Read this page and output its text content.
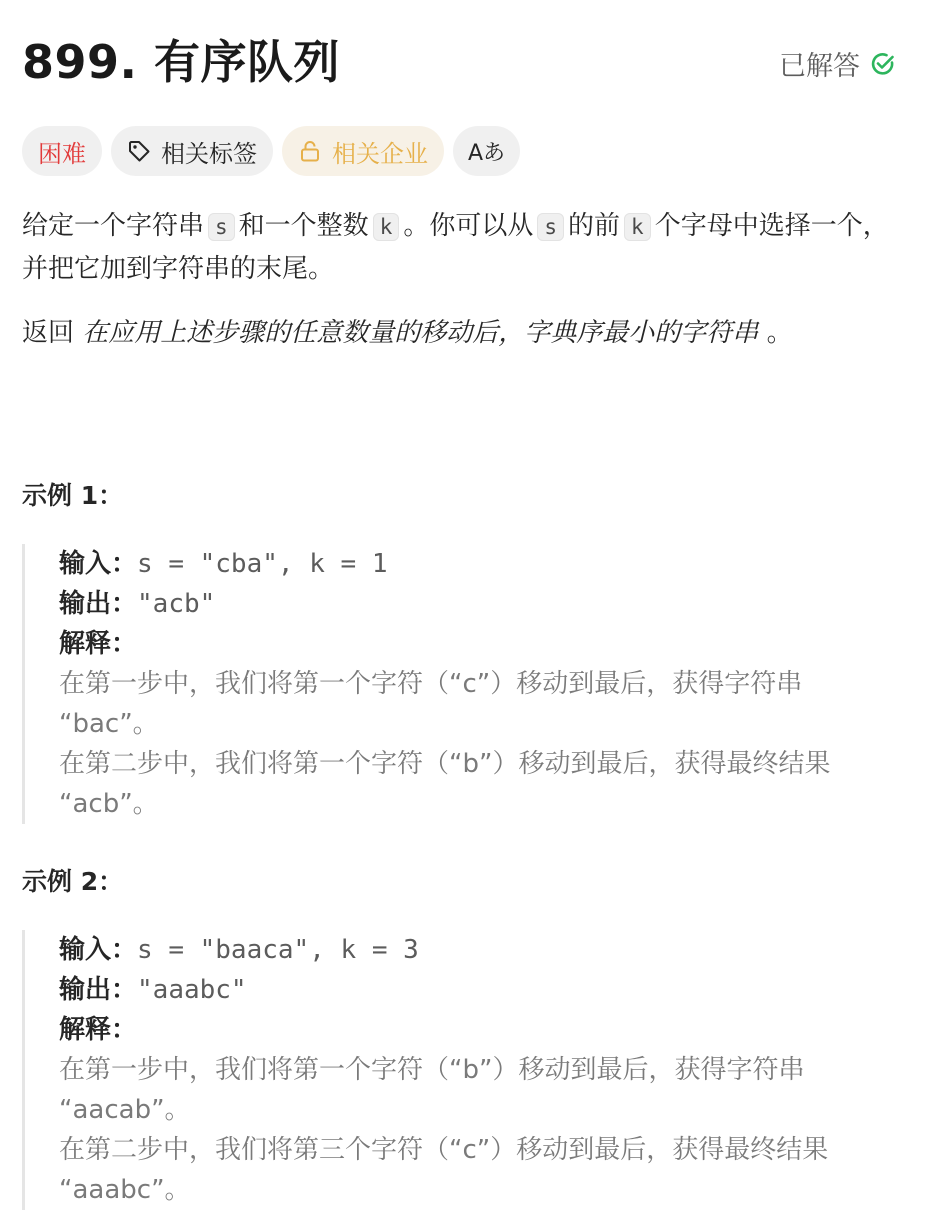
899. 有序队列	已解答
困难	相关标签	相关企业 Aあ

给定一个字符串 s 和一个整数 k 。你可以从 s 的前 k 个字母中选择一个，并把它加到字符串的末尾。

返回 在应用上述步骤的任意数量的移动后，字典序最小的字符串 。

示例 1：
输入：s = "cba", k = 1
输出："acb"
解释：
在第一步中，我们将第一个字符（“c”）移动到最后，获得字符串
“bac”。
在第二步中，我们将第一个字符（“b”）移动到最后，获得最终结果
“acb”。
示例 2：
输入：s = "baaca", k = 3
输出："aaabc"
解释：
在第一步中，我们将第一个字符（“b”）移动到最后，获得字符串
“aacab”。
在第二步中，我们将第三个字符（“c”）移动到最后，获得最终结果
“aaabc”。
